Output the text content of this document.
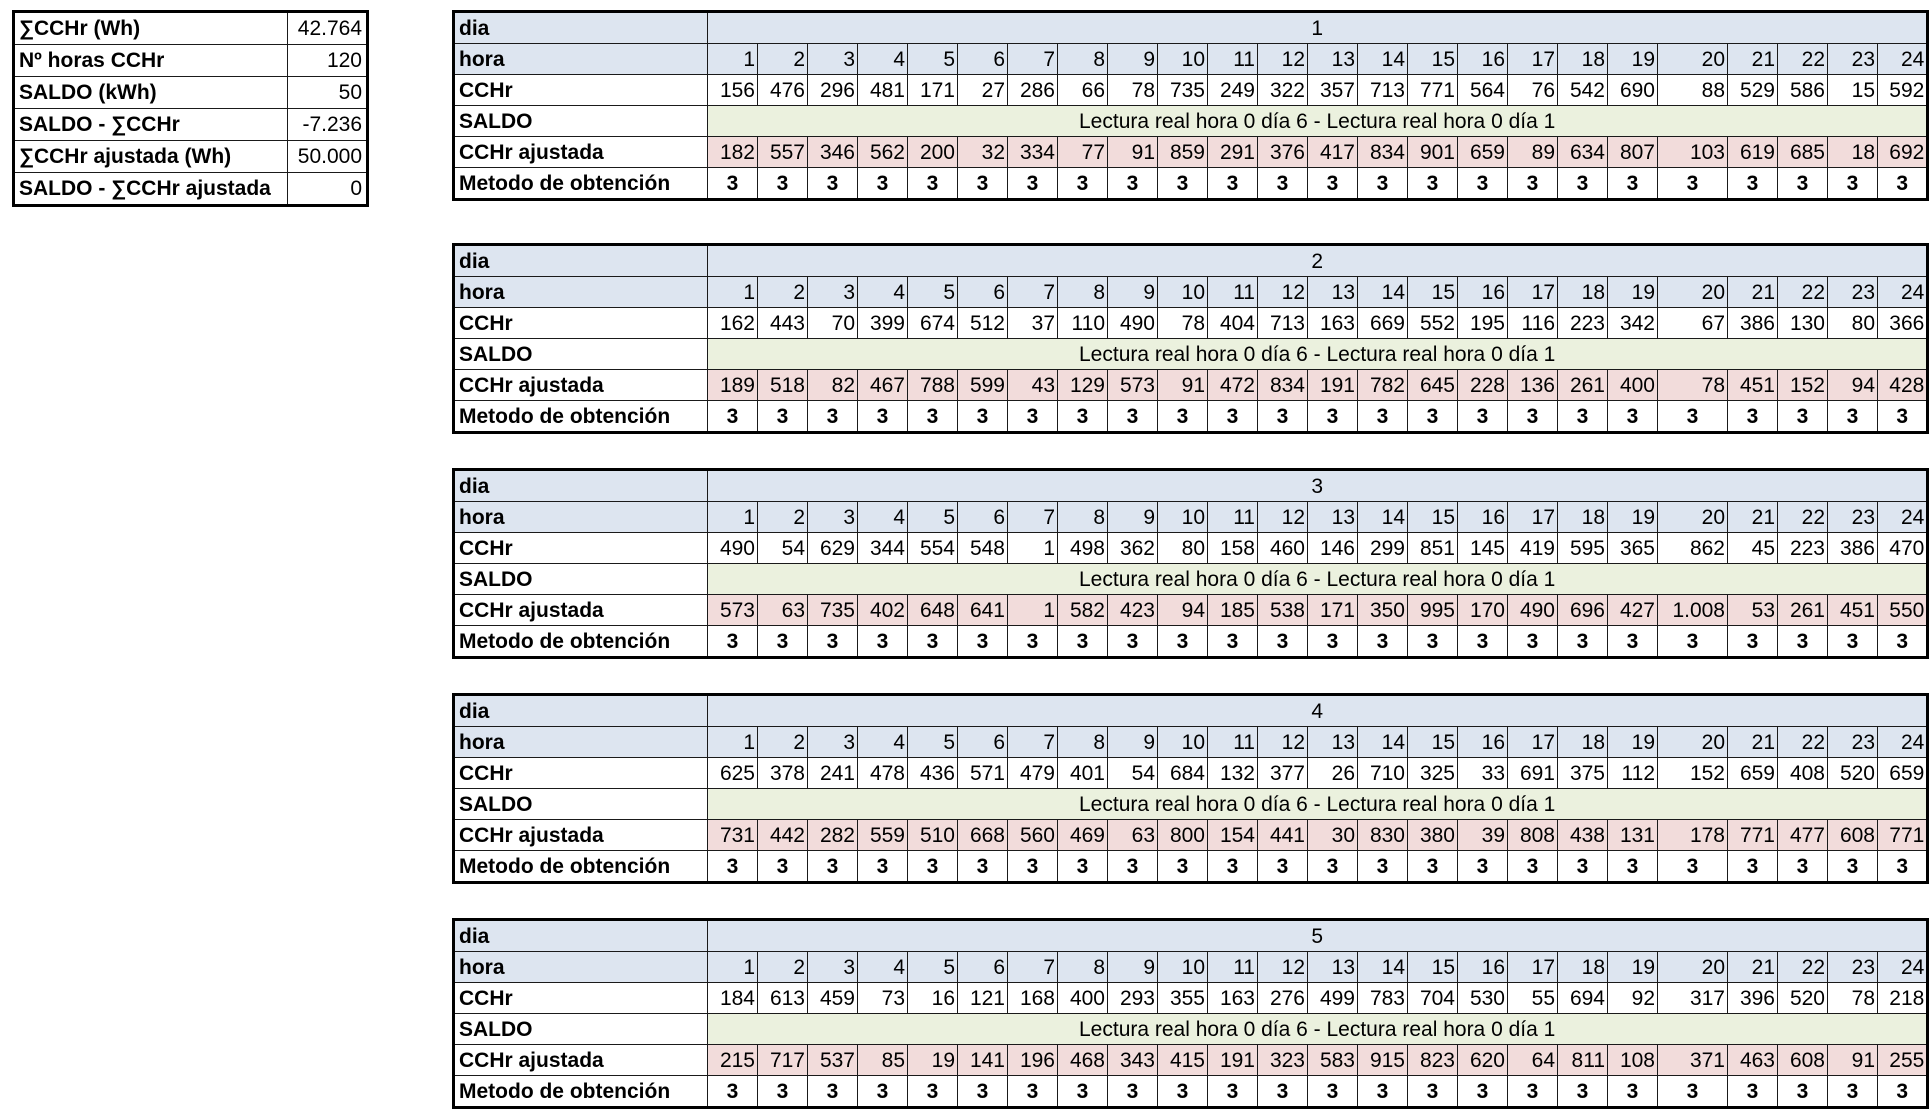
∑CCHr (Wh)	42.764
Nº horas CCHr	120
SALDO (kWh)	50
SALDO - ∑CCHr	-7.236
∑CCHr ajustada (Wh)	50.000
SALDO - ∑CCHr ajustada	0
dia	1																							
hora	1	2	3	4	5	6	7	8	9	10	11	12	13	14	15	16	17	18	19	20	21	22	23	24
CCHr	156	476	296	481	171	27	286	66	78	735	249	322	357	713	771	564	76	542	690	88	529	586	15	592
SALDO	Lectura real hora 0 día 6 - Lectura real hora 0 día 1																							
CCHr ajustada	182	557	346	562	200	32	334	77	91	859	291	376	417	834	901	659	89	634	807	103	619	685	18	692
Metodo de obtención	3	3	3	3	3	3	3	3	3	3	3	3	3	3	3	3	3	3	3	3	3	3	3	3
dia	2																							
hora	1	2	3	4	5	6	7	8	9	10	11	12	13	14	15	16	17	18	19	20	21	22	23	24
CCHr	162	443	70	399	674	512	37	110	490	78	404	713	163	669	552	195	116	223	342	67	386	130	80	366
SALDO	Lectura real hora 0 día 6 - Lectura real hora 0 día 1																							
CCHr ajustada	189	518	82	467	788	599	43	129	573	91	472	834	191	782	645	228	136	261	400	78	451	152	94	428
Metodo de obtención	3	3	3	3	3	3	3	3	3	3	3	3	3	3	3	3	3	3	3	3	3	3	3	3
dia	3																							
hora	1	2	3	4	5	6	7	8	9	10	11	12	13	14	15	16	17	18	19	20	21	22	23	24
CCHr	490	54	629	344	554	548	1	498	362	80	158	460	146	299	851	145	419	595	365	862	45	223	386	470
SALDO	Lectura real hora 0 día 6 - Lectura real hora 0 día 1																							
CCHr ajustada	573	63	735	402	648	641	1	582	423	94	185	538	171	350	995	170	490	696	427	1.008	53	261	451	550
Metodo de obtención	3	3	3	3	3	3	3	3	3	3	3	3	3	3	3	3	3	3	3	3	3	3	3	3
dia	4																							
hora	1	2	3	4	5	6	7	8	9	10	11	12	13	14	15	16	17	18	19	20	21	22	23	24
CCHr	625	378	241	478	436	571	479	401	54	684	132	377	26	710	325	33	691	375	112	152	659	408	520	659
SALDO	Lectura real hora 0 día 6 - Lectura real hora 0 día 1																							
CCHr ajustada	731	442	282	559	510	668	560	469	63	800	154	441	30	830	380	39	808	438	131	178	771	477	608	771
Metodo de obtención	3	3	3	3	3	3	3	3	3	3	3	3	3	3	3	3	3	3	3	3	3	3	3	3
dia	5																							
hora	1	2	3	4	5	6	7	8	9	10	11	12	13	14	15	16	17	18	19	20	21	22	23	24
CCHr	184	613	459	73	16	121	168	400	293	355	163	276	499	783	704	530	55	694	92	317	396	520	78	218
SALDO	Lectura real hora 0 día 6 - Lectura real hora 0 día 1																							
CCHr ajustada	215	717	537	85	19	141	196	468	343	415	191	323	583	915	823	620	64	811	108	371	463	608	91	255
Metodo de obtención	3	3	3	3	3	3	3	3	3	3	3	3	3	3	3	3	3	3	3	3	3	3	3	3
